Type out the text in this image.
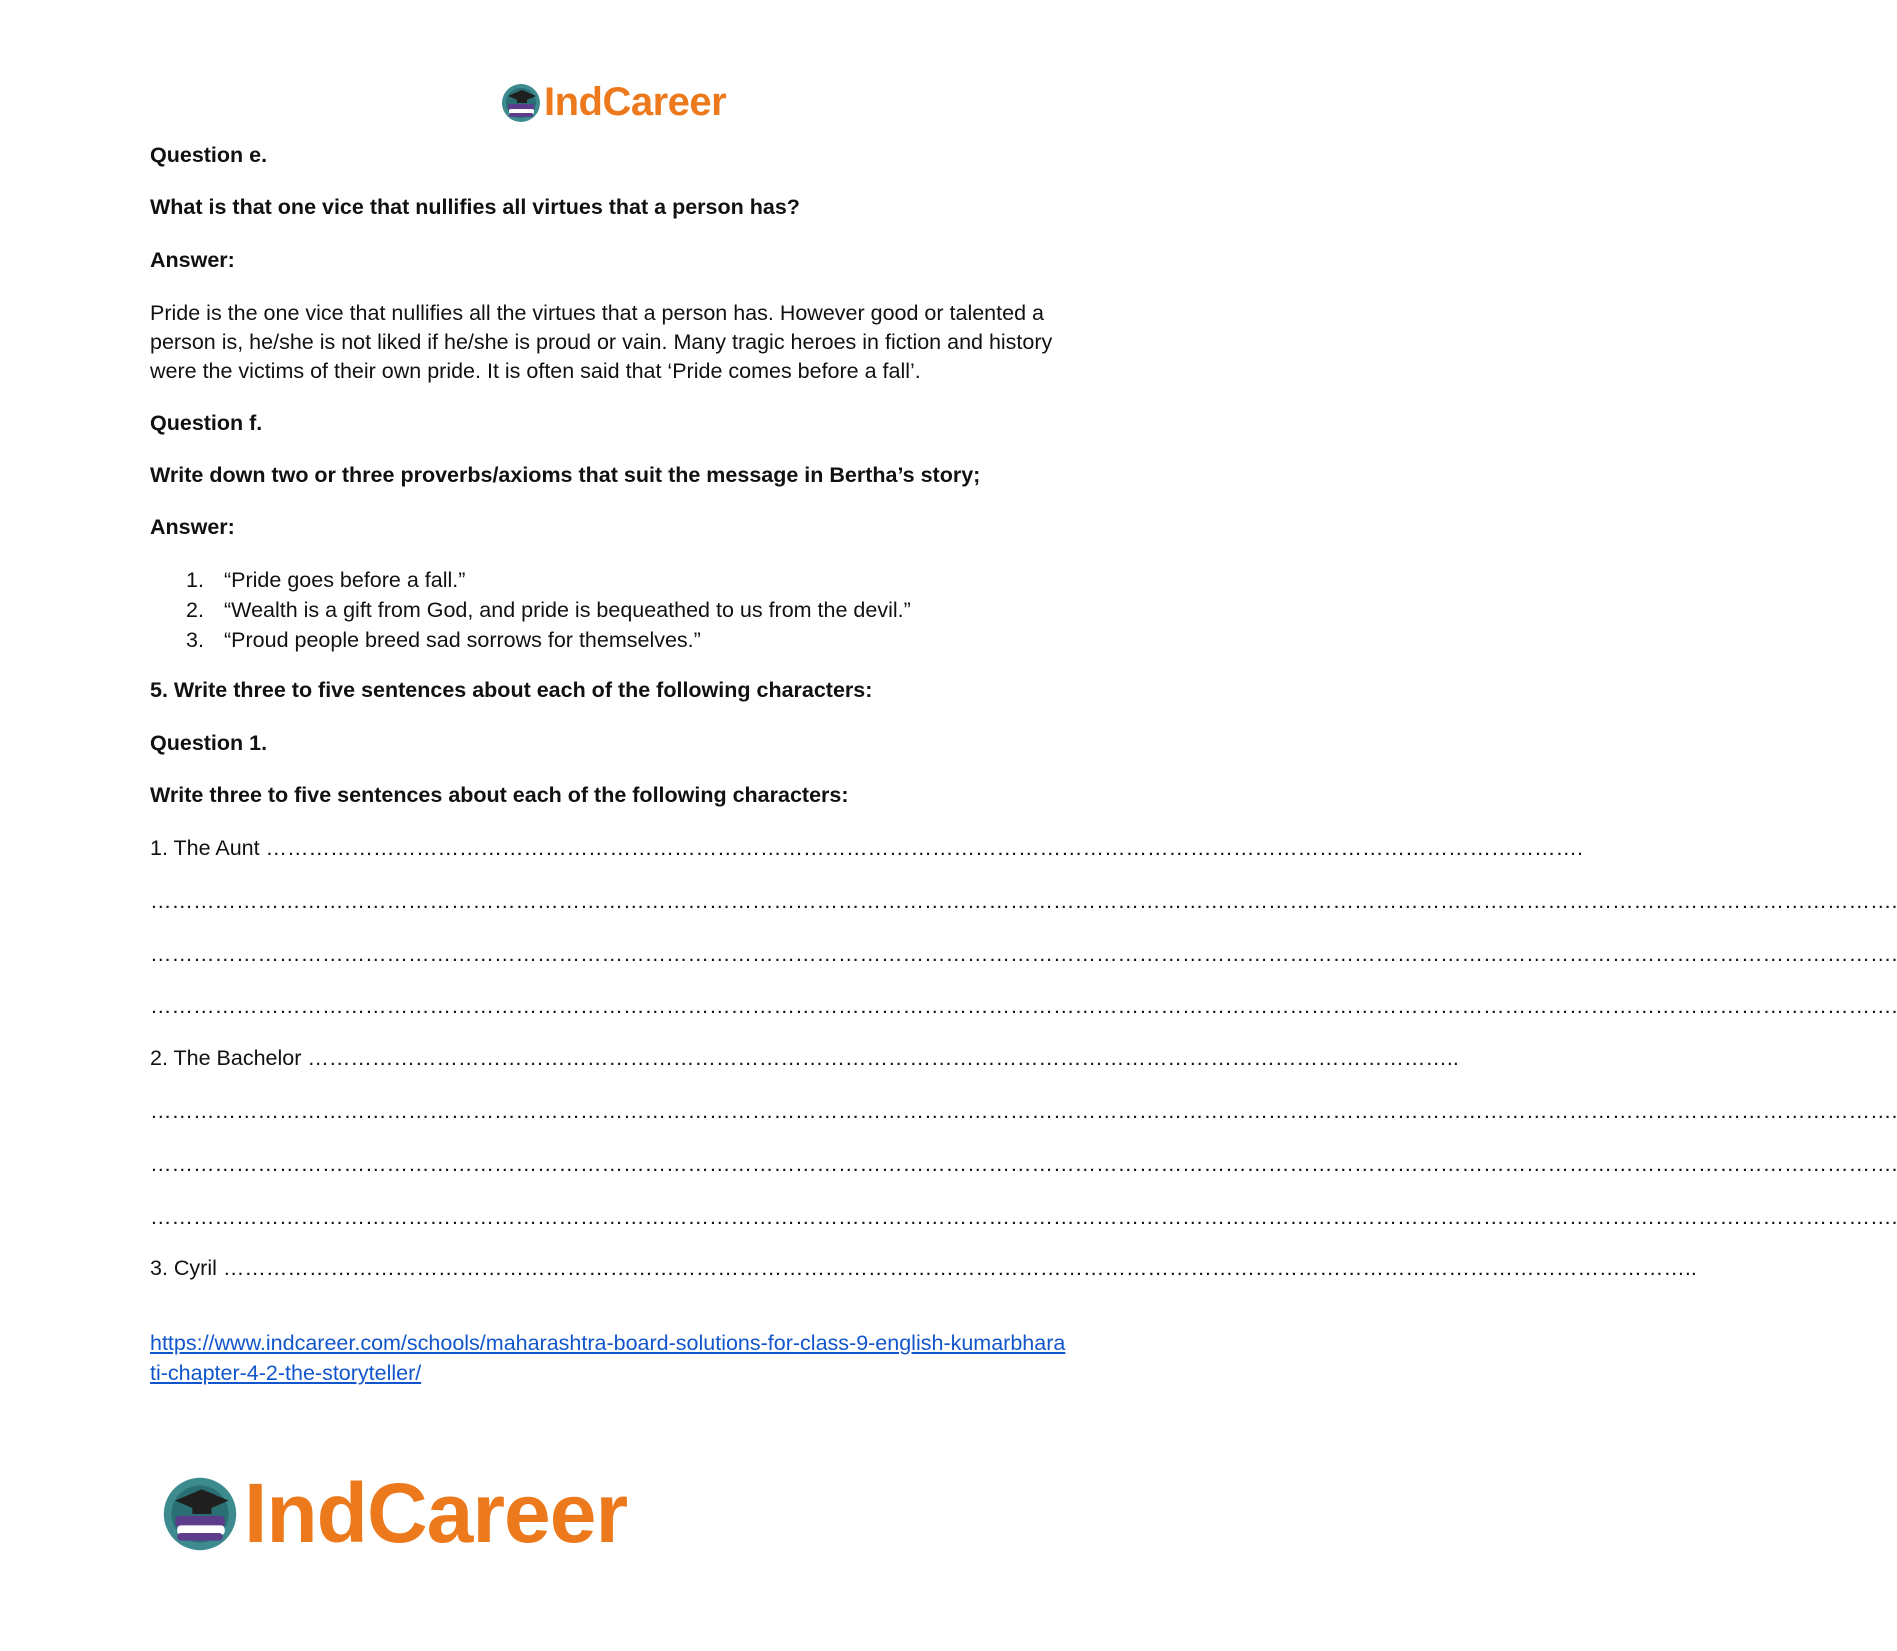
IndCareer
Question e.
What is that one vice that nullifies all virtues that a person has?
Answer:
Pride is the one vice that nullifies all the virtues that a person has. However good or talented a
person is, he/she is not liked if he/she is proud or vain. Many tragic heroes in fiction and history
were the victims of their own pride. It is often said that ‘Pride comes before a fall’.
Question f.
Write down two or three proverbs/axioms that suit the message in Bertha’s story;
Answer:
1. “Pride goes before a fall.”
2. “Wealth is a gift from God, and pride is bequeathed to us from the devil.”
3. “Proud people breed sad sorrows for themselves.”
5. Write three to five sentences about each of the following characters:
Question 1.
Write three to five sentences about each of the following characters:
1. The Aunt ………………………………………………………………………………………………………………………………………………………………….
……………………………………………………………………………………………………………………………………………………………………………………………………………………….
……………………………………………………………………………………………………………………………………………………………………………………………………………………….
……………………………………………………………………………………………………………………………………………………………………………………………………………………….
2. The Bachelor ……………………………………………………………………………………………………………………………………………..
……………………………………………………………………………………………………………………………………………………………………………………………………………………….
……………………………………………………………………………………………………………………………………………………………………………………………………………………….
……………………………………………………………………………………………………………………………………………………………………………………………………………………….
3. Cyril ……………………………………………………………………………………………………………………………………………………………………………………..
https://www.indcareer.com/schools/maharashtra-board-solutions-for-class-9-english-kumarbhara
ti-chapter-4-2-the-storyteller/
IndCareer
